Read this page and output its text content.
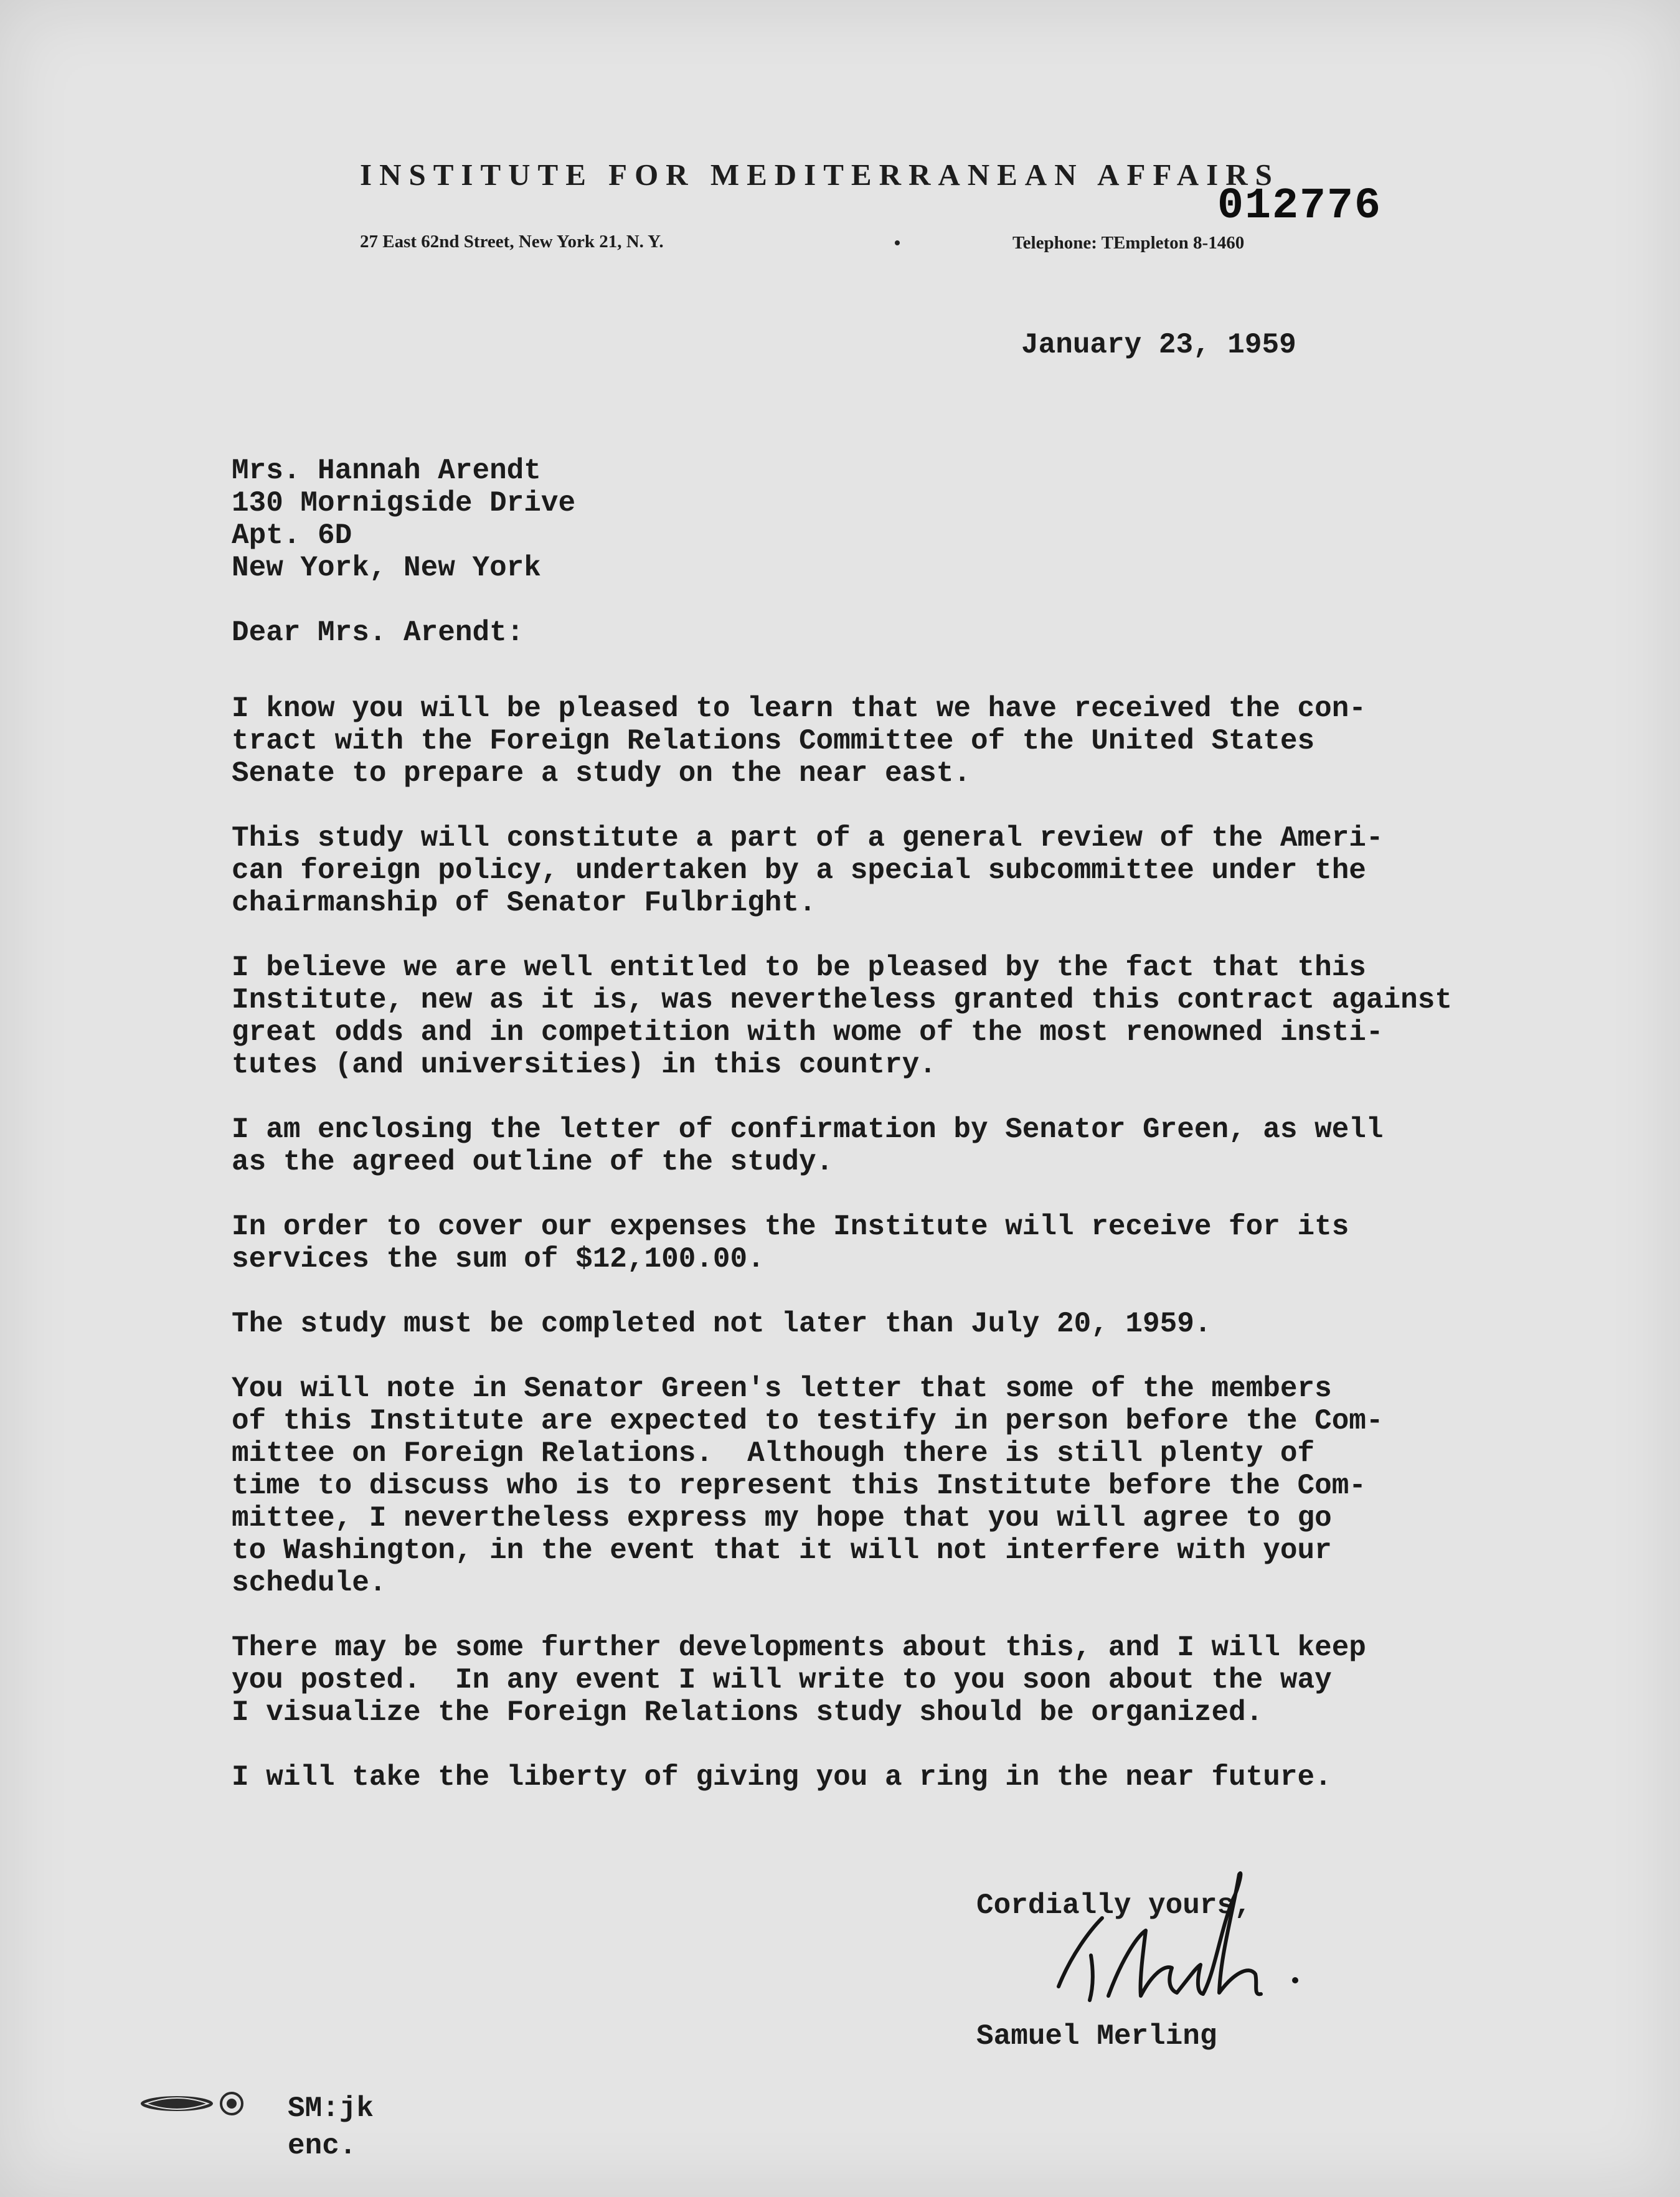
INSTITUTE FOR MEDITERRANEAN AFFAIRS
27 East 62nd Street, New York 21, N. Y.	Telephone: TEmpleton 8-1460
012776
January 23, 1959
Mrs. Hannah Arendt
130 Mornigside Drive
Apt. 6D
New York, New York
Dear Mrs. Arendt:
I know you will be pleased to learn that we have received the con-
tract with the Foreign Relations Committee of the United States
Senate to prepare a study on the near east.
This study will constitute a part of a general review of the Ameri-
can foreign policy, undertaken by a special subcommittee under the
chairmanship of Senator Fulbright.
I believe we are well entitled to be pleased by the fact that this
Institute, new as it is, was nevertheless granted this contract against
great odds and in competition with wome of the most renowned insti-
tutes (and universities) in this country.
I am enclosing the letter of confirmation by Senator Green, as well
as the agreed outline of the study.
In order to cover our expenses the Institute will receive for its
services the sum of $12,100.00.
The study must be completed not later than July 20, 1959.
You will note in Senator Green's letter that some of the members
of this Institute are expected to testify in person before the Com-
mittee on Foreign Relations.  Although there is still plenty of
time to discuss who is to represent this Institute before the Com-
mittee, I nevertheless express my hope that you will agree to go
to Washington, in the event that it will not interfere with your
schedule.
There may be some further developments about this, and I will keep
you posted.  In any event I will write to you soon about the way
I visualize the Foreign Relations study should be organized.
I will take the liberty of giving you a ring in the near future.
Cordially yours,
Samuel Merling
SM:jk
enc.
